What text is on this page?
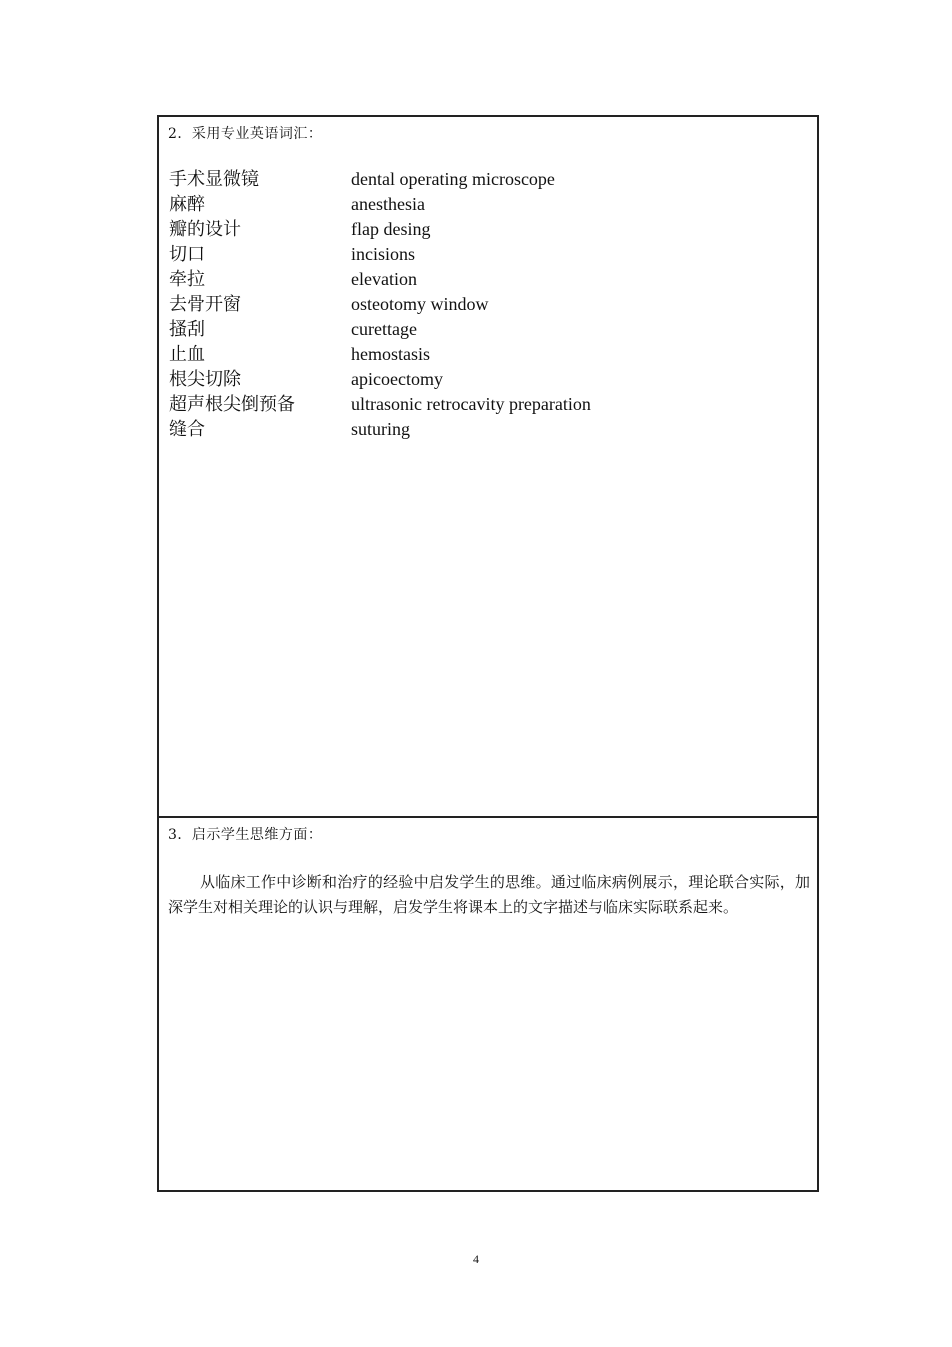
2．采用专业英语词汇：
手术显微镜	dental operating microscope
麻醉	anesthesia
瓣的设计	flap desing
切口	incisions
牵拉	elevation
去骨开窗	osteotomy window
搔刮	curettage
止血	hemostasis
根尖切除	apicoectomy
超声根尖倒预备	ultrasonic retrocavity preparation
缝合	suturing
3．启示学生思维方面：
从临床工作中诊断和治疗的经验中启发学生的思维。通过临床病例展示，理论联合实际，加深学生对相关理论的认识与理解，启发学生将课本上的文字描述与临床实际联系起来。
4
